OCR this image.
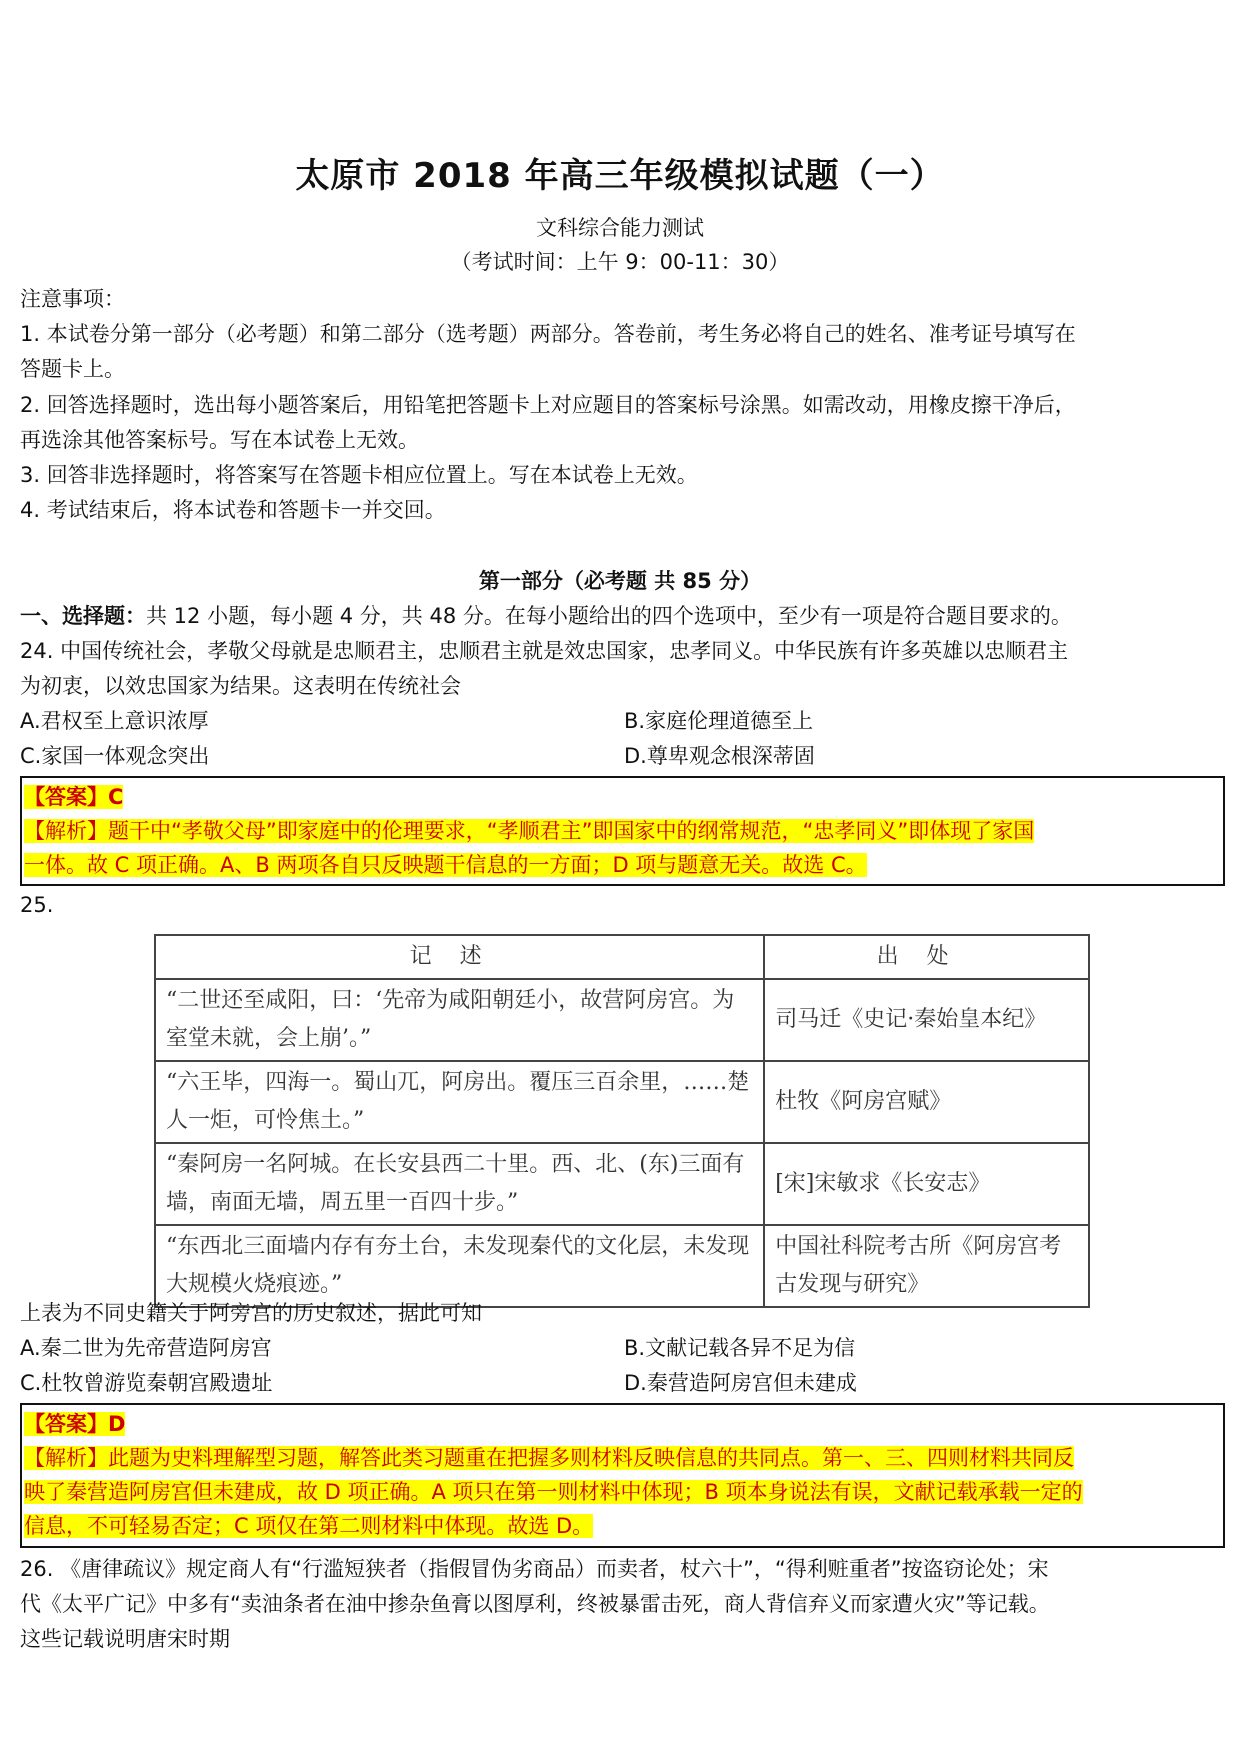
太原市 2018 年高三年级模拟试题（一）
文科综合能力测试
（考试时间：上午 9：00-11：30）
注意事项：
1. 本试卷分第一部分（必考题）和第二部分（选考题）两部分。答卷前，考生务必将自己的姓名、准考证号填写在
答题卡上。
2. 回答选择题时，选出每小题答案后，用铅笔把答题卡上对应题目的答案标号涂黑。如需改动，用橡皮擦干净后，
再选涂其他答案标号。写在本试卷上无效。
3. 回答非选择题时，将答案写在答题卡相应位置上。写在本试卷上无效。
4. 考试结束后，将本试卷和答题卡一并交回。
第一部分（必考题 共 85 分）
一、选择题：共 12 小题，每小题 4 分，共 48 分。在每小题给出的四个选项中，至少有一项是符合题目要求的。
24. 中国传统社会，孝敬父母就是忠顺君主，忠顺君主就是效忠国家，忠孝同义。中华民族有许多英雄以忠顺君主
为初衷，以效忠国家为结果。这表明在传统社会
A.君权至上意识浓厚	B.家庭伦理道德至上
C.家国一体观念突出	D.尊卑观念根深蒂固
【答案】C
【解析】题干中“孝敬父母”即家庭中的伦理要求，“孝顺君主”即国家中的纲常规范，“忠孝同义”即体现了家国
一体。故 C 项正确。A、B 两项各自只反映题干信息的一方面；D 项与题意无关。故选 C。
25.
记述	出处
“二世还至咸阳，曰：‘先帝为咸阳朝廷小，故营阿房宫。为室堂未就，会上崩’。”	司马迁《史记·秦始皇本纪》
“六王毕，四海一。蜀山兀，阿房出。覆压三百余里，……楚人一炬，可怜焦土。”	杜牧《阿房宫赋》
“秦阿房一名阿城。在长安县西二十里。西、北、(东)三面有墙，南面无墙，周五里一百四十步。”	[宋]宋敏求《长安志》
“东西北三面墙内存有夯土台，未发现秦代的文化层，未发现大规模火烧痕迹。”	中国社科院考古所《阿房宫考古发现与研究》
上表为不同史籍关于阿旁宫的历史叙述，据此可知
A.秦二世为先帝营造阿房宫	B.文献记载各异不足为信
C.杜牧曾游览秦朝宫殿遗址	D.秦营造阿房宫但未建成
【答案】D
【解析】此题为史料理解型习题，解答此类习题重在把握多则材料反映信息的共同点。第一、三、四则材料共同反
映了秦营造阿房宫但未建成，故 D 项正确。A 项只在第一则材料中体现；B 项本身说法有误，文献记载承载一定的
信息，不可轻易否定；C 项仅在第二则材料中体现。故选 D。
26. 《唐律疏议》规定商人有“行滥短狭者（指假冒伪劣商品）而卖者，杖六十”，“得利赃重者”按盗窃论处；宋
代《太平广记》中多有“卖油条者在油中掺杂鱼膏以图厚利，终被暴雷击死，商人背信弃义而家遭火灾”等记载。
这些记载说明唐宋时期
